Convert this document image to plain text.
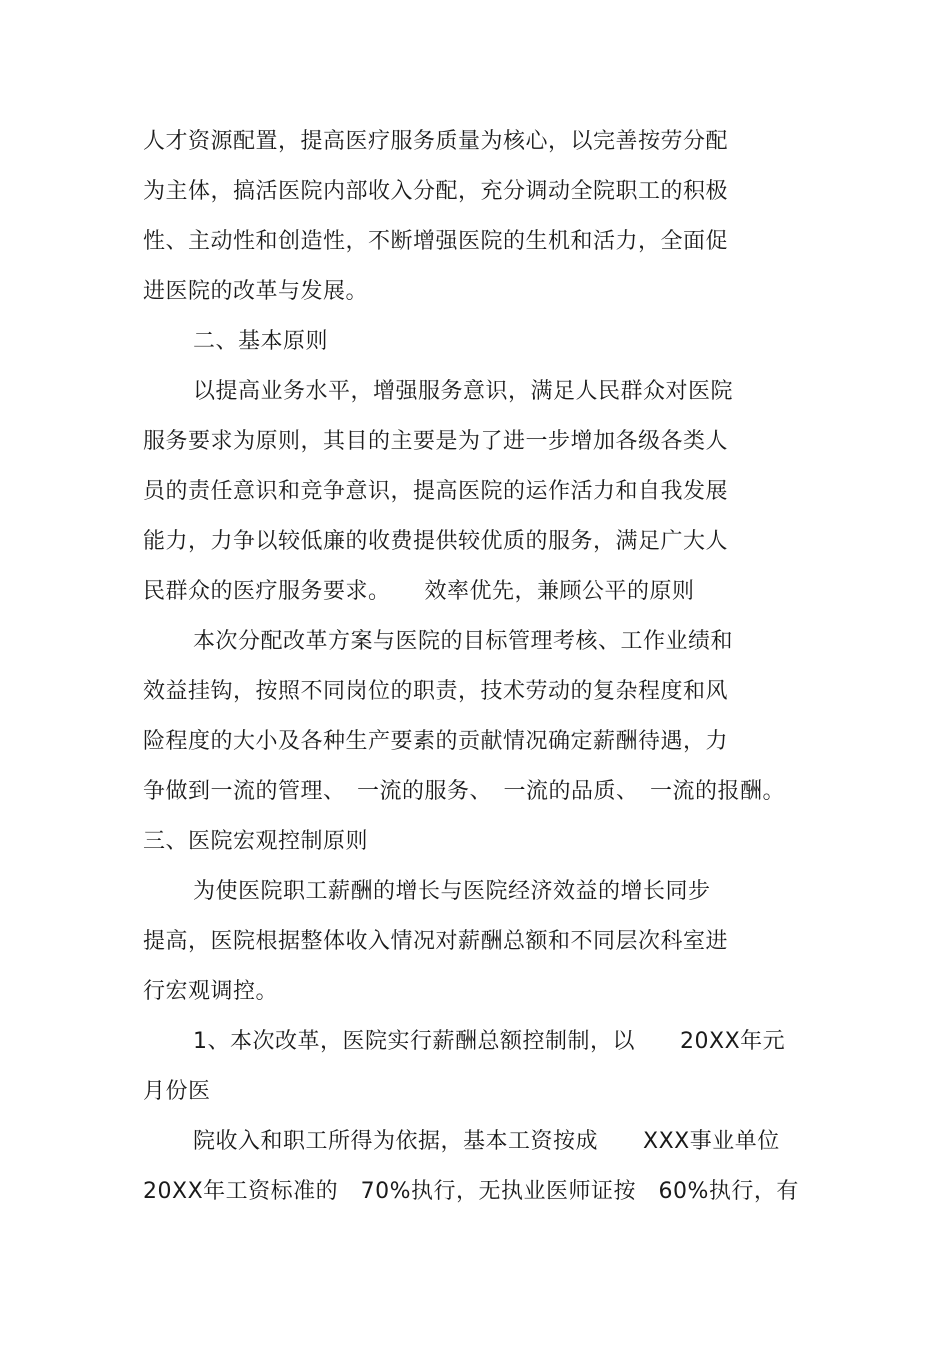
人才资源配置，提高医疗服务质量为核心，以完善按劳分配
为主体，搞活医院内部收入分配，充分调动全院职工的积极
性、主动性和创造性，不断增强医院的生机和活力，全面促
进医院的改革与发展。
二、基本原则
以提高业务水平，增强服务意识，满足人民群众对医院
服务要求为原则，其目的主要是为了进一步增加各级各类人
员的责任意识和竞争意识，提高医院的运作活力和自我发展
能力，力争以较低廉的收费提供较优质的服务，满足广大人
民群众的医疗服务要求。　　效率优先，兼顾公平的原则
本次分配改革方案与医院的目标管理考核、工作业绩和
效益挂钩，按照不同岗位的职责，技术劳动的复杂程度和风
险程度的大小及各种生产要素的贡献情况确定薪酬待遇，力
争做到一流的管理、　一流的服务、　一流的品质、　一流的报酬。
三、医院宏观控制原则
为使医院职工薪酬的增长与医院经济效益的增长同步
提高，医院根据整体收入情况对薪酬总额和不同层次科室进
行宏观调控。
1、本次改革，医院实行薪酬总额控制制，以　　20XX年元
月份医
院收入和职工所得为依据，基本工资按成　　XXX事业单位
20XX年工资标准的　70%执行，无执业医师证按　60%执行，有
